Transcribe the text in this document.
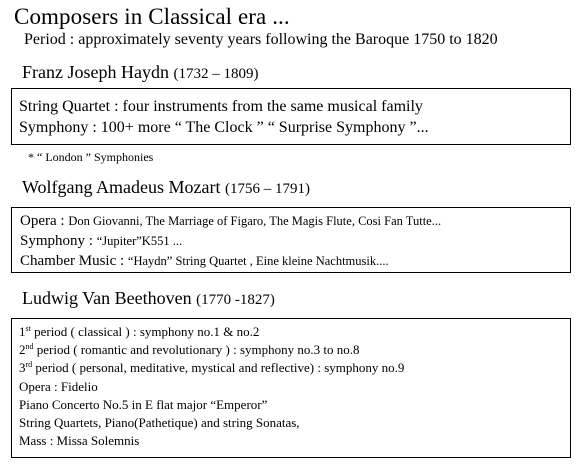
Composers in Classical era ...
Period : approximately seventy years following the Baroque 1750 to 1820
Franz Joseph Haydn (1732 – 1809)
String Quartet : four instruments from the same musical family
Symphony : 100+ more “ The Clock ” “ Surprise Symphony ”...
* “ London ” Symphonies
Wolfgang Amadeus Mozart (1756 – 1791)
Opera : Don Giovanni, The Marriage of Figaro, The Magis Flute, Cosi Fan Tutte...
Symphony : “Jupiter”K551 ...
Chamber Music : “Haydn” String Quartet , Eine kleine Nachtmusik....
Ludwig Van Beethoven (1770 -1827)
1st period ( classical ) : symphony no.1 & no.2
2nd period ( romantic and revolutionary ) : symphony no.3 to no.8
3rd period ( personal, meditative, mystical and reflective) : symphony no.9
Opera : Fidelio
Piano Concerto No.5 in E flat major “Emperor”
String Quartets, Piano(Pathetique) and string Sonatas,
Mass : Missa Solemnis
